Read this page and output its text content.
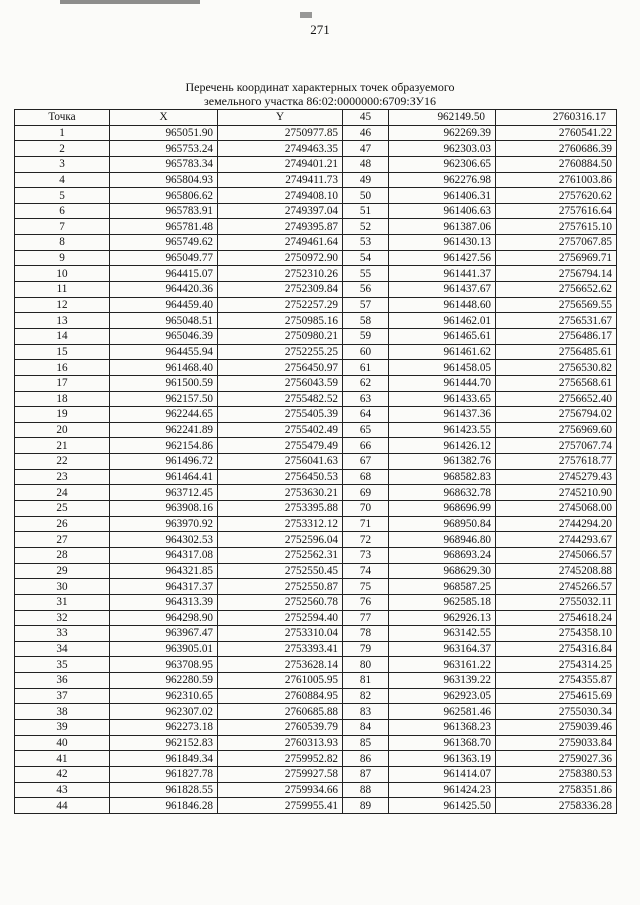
271
Перечень координат характерных точек образуемого
земельного участка 86:02:0000000:6709:ЗУ16
Точка	X	Y	45	962149.50	2760316.17
1	965051.90	2750977.85	46	962269.39	2760541.22
2	965753.24	2749463.35	47	962303.03	2760686.39
3	965783.34	2749401.21	48	962306.65	2760884.50
4	965804.93	2749411.73	49	962276.98	2761003.86
5	965806.62	2749408.10	50	961406.31	2757620.62
6	965783.91	2749397.04	51	961406.63	2757616.64
7	965781.48	2749395.87	52	961387.06	2757615.10
8	965749.62	2749461.64	53	961430.13	2757067.85
9	965049.77	2750972.90	54	961427.56	2756969.71
10	964415.07	2752310.26	55	961441.37	2756794.14
11	964420.36	2752309.84	56	961437.67	2756652.62
12	964459.40	2752257.29	57	961448.60	2756569.55
13	965048.51	2750985.16	58	961462.01	2756531.67
14	965046.39	2750980.21	59	961465.61	2756486.17
15	964455.94	2752255.25	60	961461.62	2756485.61
16	961468.40	2756450.97	61	961458.05	2756530.82
17	961500.59	2756043.59	62	961444.70	2756568.61
18	962157.50	2755482.52	63	961433.65	2756652.40
19	962244.65	2755405.39	64	961437.36	2756794.02
20	962241.89	2755402.49	65	961423.55	2756969.60
21	962154.86	2755479.49	66	961426.12	2757067.74
22	961496.72	2756041.63	67	961382.76	2757618.77
23	961464.41	2756450.53	68	968582.83	2745279.43
24	963712.45	2753630.21	69	968632.78	2745210.90
25	963908.16	2753395.88	70	968696.99	2745068.00
26	963970.92	2753312.12	71	968950.84	2744294.20
27	964302.53	2752596.04	72	968946.80	2744293.67
28	964317.08	2752562.31	73	968693.24	2745066.57
29	964321.85	2752550.45	74	968629.30	2745208.88
30	964317.37	2752550.87	75	968587.25	2745266.57
31	964313.39	2752560.78	76	962585.18	2755032.11
32	964298.90	2752594.40	77	962926.13	2754618.24
33	963967.47	2753310.04	78	963142.55	2754358.10
34	963905.01	2753393.41	79	963164.37	2754316.84
35	963708.95	2753628.14	80	963161.22	2754314.25
36	962280.59	2761005.95	81	963139.22	2754355.87
37	962310.65	2760884.95	82	962923.05	2754615.69
38	962307.02	2760685.88	83	962581.46	2755030.34
39	962273.18	2760539.79	84	961368.23	2759039.46
40	962152.83	2760313.93	85	961368.70	2759033.84
41	961849.34	2759952.82	86	961363.19	2759027.36
42	961827.78	2759927.58	87	961414.07	2758380.53
43	961828.55	2759934.66	88	961424.23	2758351.86
44	961846.28	2759955.41	89	961425.50	2758336.28
